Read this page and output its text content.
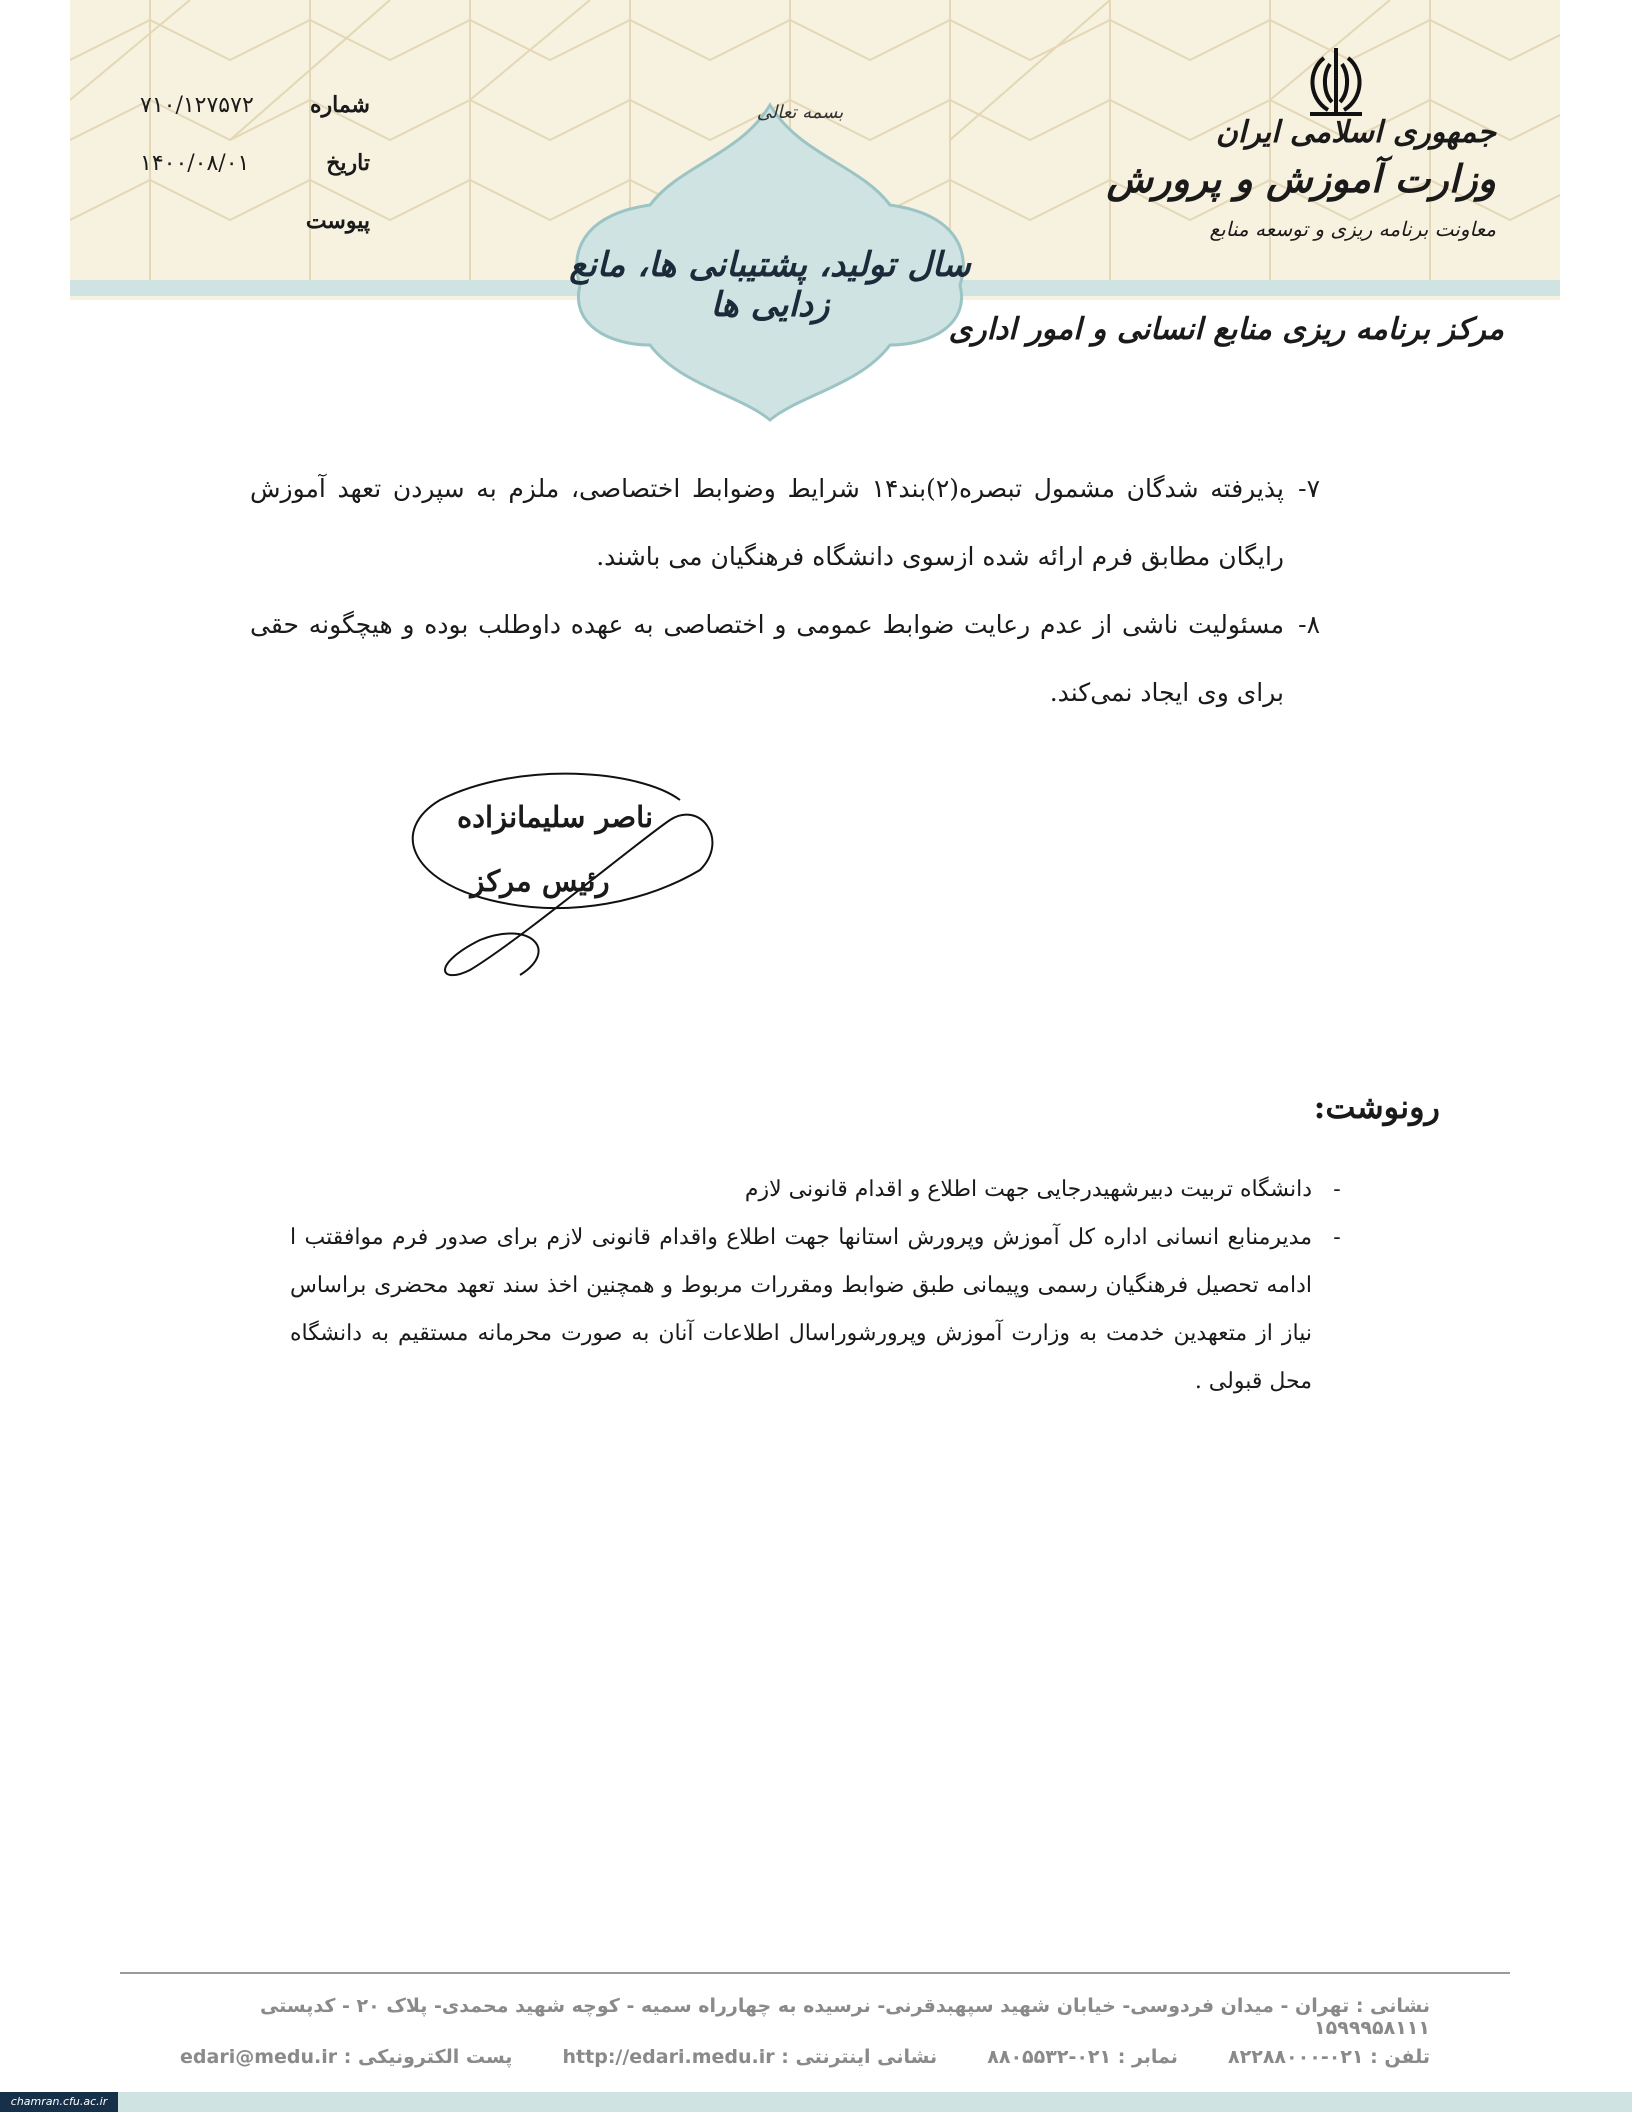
بسمه تعالی
سال تولید، پشتیبانی ها، مانع زدایی ها
جمهوری اسلامی ایران
وزارت آموزش و پرورش
معاونت برنامه ریزی و توسعه منابع
مرکز برنامه ریزی منابع انسانی و امور اداری
شماره
۷۱۰/۱۲۷۵۷۲
تاریخ
۱۴۰۰/۰۸/۰۱
پیوست
۷-
پذیرفته شدگان مشمول تبصره(۲)بند۱۴ شرایط وضوابط اختصاصی، ملزم به سپردن تعهد آموزش رایگان مطابق فرم ارائه شده ازسوی دانشگاه فرهنگیان می باشند.
۸-
مسئولیت ناشی از عدم رعایت ضوابط عمومی و اختصاصی به عهده داوطلب بوده و هیچگونه حقی برای وی ایجاد نمی‌کند.
ناصر سلیمانزاده
رئیس مرکز
رونوشت:
-
دانشگاه تربیت دبیرشهیدرجایی جهت اطلاع و اقدام قانونی لازم
-
مدیرمنابع انسانی اداره کل آموزش وپرورش استانها جهت اطلاع واقدام قانونی لازم برای صدور فرم موافقتب ا ادامه تحصیل فرهنگیان رسمی وپیمانی طبق ضوابط ومقررات مربوط و همچنین اخذ سند تعهد محضری براساس نیاز از متعهدین خدمت به وزارت آموزش وپرورشوراسال اطلاعات آنان به صورت محرمانه مستقیم به دانشگاه محل قبولی .
نشانی : تهران - میدان فردوسی- خیابان شهید سپهبدقرنی- نرسیده به چهارراه سمیه - کوچه شهید محمدی- پلاک ۲۰ - کدپستی ۱۵۹۹۹۵۸۱۱۱
تلفن : ۰۲۱-۸۲۲۸۸۰۰۰
نمابر : ۰۲۱-۸۸۰۵۵۳۲
نشانی اینترنتی : http://edari.medu.ir
پست الکترونیکی : edari@medu.ir
chamran.cfu.ac.ir
